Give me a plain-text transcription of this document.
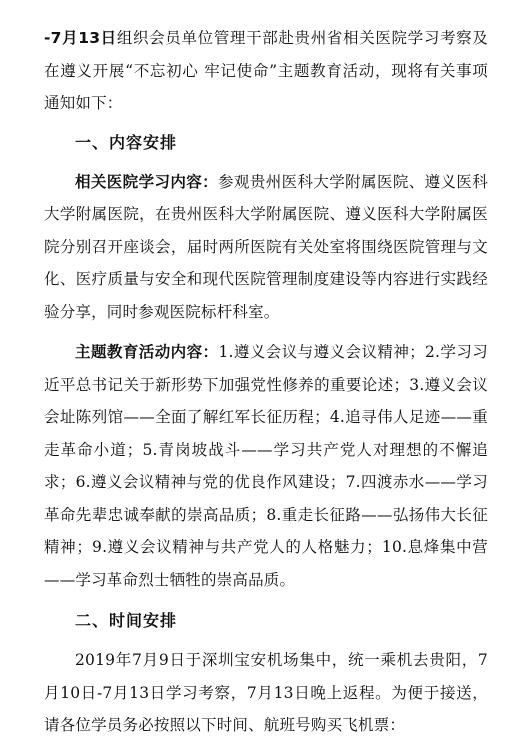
-7月13日组织会员单位管理干部赴贵州省相关医院学习考察及在遵义开展“不忘初心 牢记使命”主题教育活动，现将有关事项通知如下：

一、内容安排

相关医院学习内容：参观贵州医科大学附属医院、遵义医科大学附属医院，在贵州医科大学附属医院、遵义医科大学附属医院分别召开座谈会，届时两所医院有关处室将围绕医院管理与文化、医疗质量与安全和现代医院管理制度建设等内容进行实践经验分享，同时参观医院标杆科室。

主题教育活动内容：1.遵义会议与遵义会议精神；2.学习习近平总书记关于新形势下加强党性修养的重要论述；3.遵义会议会址陈列馆——全面了解红军长征历程；4.追寻伟人足迹——重走革命小道；5.青岗坡战斗——学习共产党人对理想的不懈追求；6.遵义会议精神与党的优良作风建设；7.四渡赤水——学习革命先辈忠诚奉献的崇高品质；8.重走长征路——弘扬伟大长征精神；9.遵义会议精神与共产党人的人格魅力；10.息烽集中营——学习革命烈士牺牲的崇高品质。

二、时间安排

2019年7月9日于深圳宝安机场集中，统一乘机去贵阳，7月10日-7月13日学习考察，7月13日晚上返程。为便于接送，请各位学员务必按照以下时间、航班号购买飞机票：
